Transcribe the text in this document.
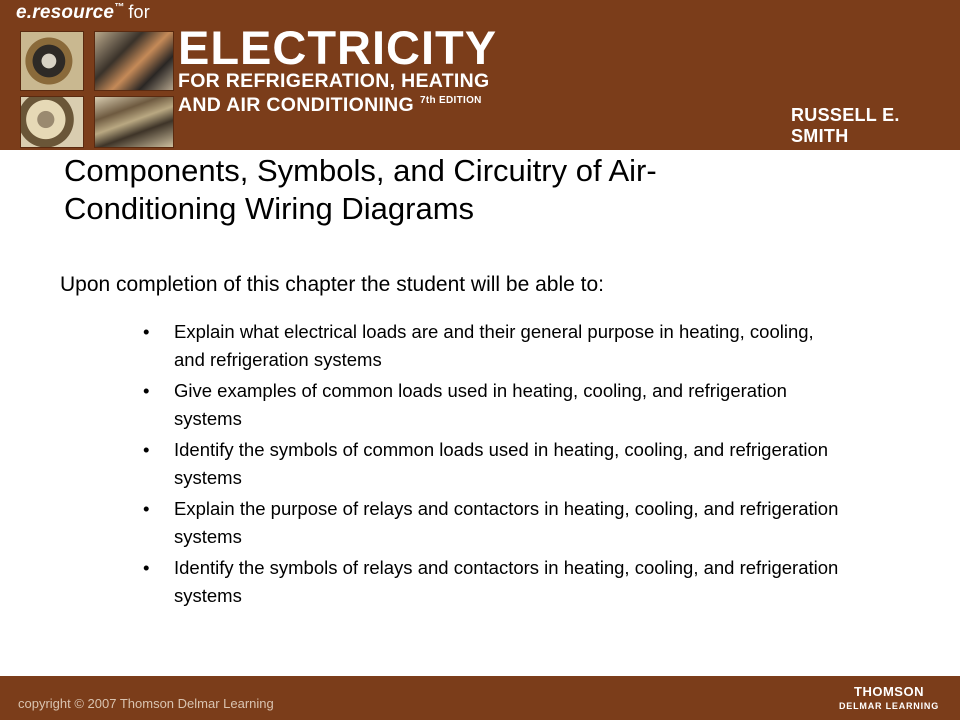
e.resource™ for
ELECTRICITY
FOR REFRIGERATION, HEATING
AND AIR CONDITIONING $^{7th EDITION}$
RUSSELL E. SMITH
Components, Symbols, and Circuitry of Air-Conditioning Wiring Diagrams
Upon completion of this chapter the student will be able to:
• Explain what electrical loads are and their general purpose in heating, cooling, and refrigeration systems
• Give examples of common loads used in heating, cooling, and refrigeration systems
• Identify the symbols of common loads used in heating, cooling, and refrigeration systems
• Explain the purpose of relays and contactors in heating, cooling, and refrigeration systems
• Identify the symbols of relays and contactors in heating, cooling, and refrigeration systems
copyright © 2007 Thomson Delmar Learning
THOMSON
DELMAR LEARNING
